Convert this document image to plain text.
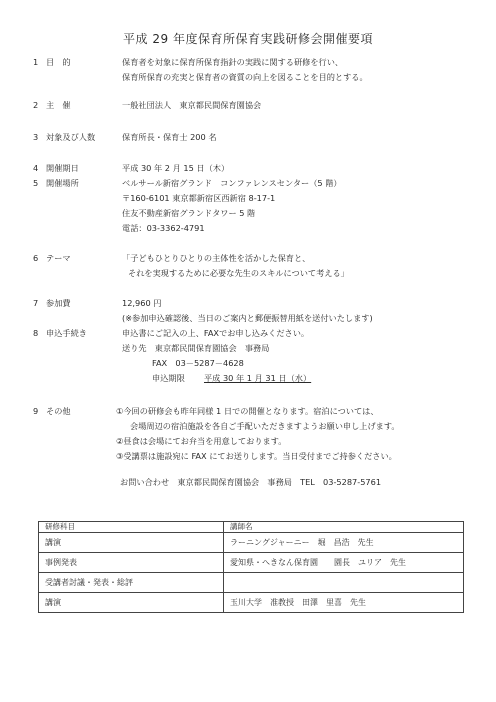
平成 29 年度保育所保育実践研修会開催要項
1 目　的	保育者を対象に保育所保育指針の実践に関する研修を行い、
保育所保育の充実と保育者の資質の向上を図ることを目的とする。
2 主　催	一般社団法人　東京都民間保育園協会
3 対象及び人数	保育所長・保育士 200 名
4 開催期日	平成 30 年 2 月 15 日（木）
5 開催場所	ベルサール新宿グランド　コンファレンスセンター（5 階）
〒160-6101 東京都新宿区西新宿 8-17-1
住友不動産新宿グランドタワー 5 階
電話：03-3362-4791
6 テーマ	「子どもひとりひとりの主体性を活かした保育と、
それを実現するために必要な先生のスキルについて考える」
7 参加費	12,960 円
(※参加申込確認後、当日のご案内と郵便振替用紙を送付いたします)
8 申込手続き	申込書にご記入の上、FAXでお申し込みください。
送り先　東京都民間保育園協会　事務局
FAX　03－5287－4628
申込期限 平成 30 年 1 月 31 日（水）
9 その他	①今回の研修会も昨年同様 1 日での開催となります。宿泊については、
会場周辺の宿泊施設を各自ご手配いただきますようお願い申し上げます。
②昼食は会場にてお弁当を用意しております。
③受講票は施設宛に FAX にてお送りします。当日受付までご持参ください。
お問い合わせ　東京都民間保育園協会　事務局　TEL　03-5287-5761
研修科目	講師名
講演	ラーニングジャーニー　堀　昌浩　先生
事例発表	愛知県・へきなん保育園　　園長　ユリア　先生
受講者討議・発表・総評	
講演	玉川大学　准教授　田澤　里喜　先生
